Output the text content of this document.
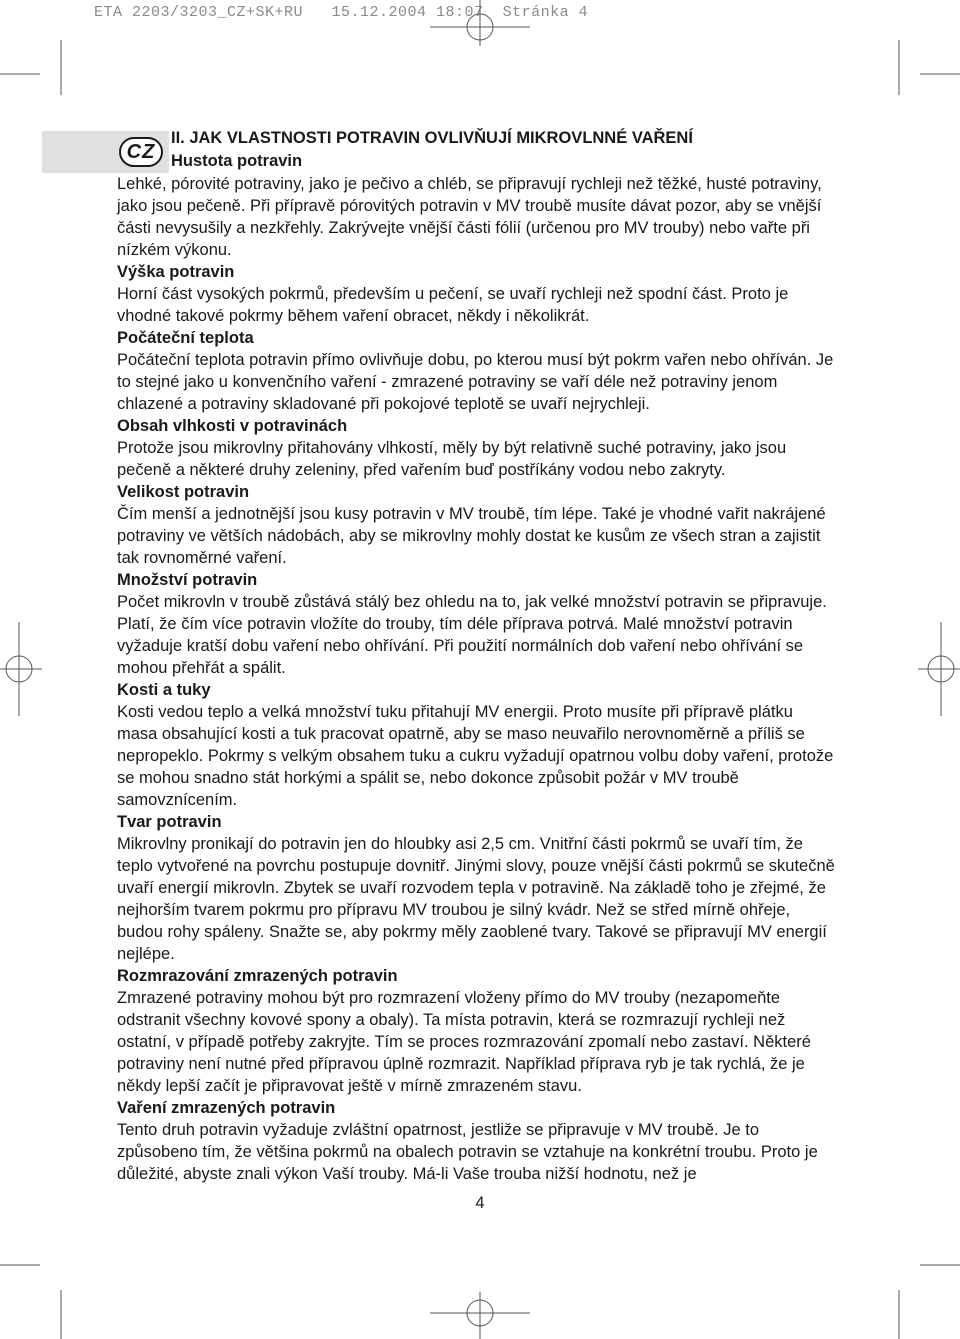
ETA 2203/3203_CZ+SK+RU   15.12.2004 18:07  Stránka 4
CZ
II. JAK VLASTNOSTI POTRAVIN OVLIVŇUJÍ MIKROVLNNÉ VAŘENÍ
Hustota potravin

Lehké, pórovité potraviny, jako je pečivo a chléb, se připravují rychleji než těžké, husté potraviny, jako jsou pečeně. Při přípravě pórovitých potravin v MV troubě musíte dávat pozor, aby se vnější části nevysušily a nezkřehly. Zakrývejte vnější části fólií (určenou pro MV trouby) nebo vařte při nízkém výkonu.

Výška potravin

Horní část vysokých pokrmů, především u pečení, se uvaří rychleji než spodní část. Proto je vhodné takové pokrmy během vaření obracet, někdy i několikrát.

Počáteční teplota

Počáteční teplota potravin přímo ovlivňuje dobu, po kterou musí být pokrm vařen nebo ohříván. Je to stejné jako u konvenčního vaření - zmrazené potraviny se vaří déle než potraviny jenom chlazené a potraviny skladované při pokojové teplotě se uvaří nejrychleji.

Obsah vlhkosti v potravinách

Protože jsou mikrovlny přitahovány vlhkostí, měly by být relativně suché potraviny, jako jsou pečeně a některé druhy zeleniny, před vařením buď postříkány vodou nebo zakryty.

Velikost potravin

Čím menší a jednotnější jsou kusy potravin v MV troubě, tím lépe. Také je vhodné vařit nakrájené potraviny ve větších nádobách, aby se mikrovlny mohly dostat ke kusům ze všech stran a zajistit tak rovnoměrné vaření.

Množství potravin

Počet mikrovln v troubě zůstává stálý bez ohledu na to, jak velké množství potravin se připravuje. Platí, že čím více potravin vložíte do trouby, tím déle příprava potrvá. Malé množství potravin vyžaduje kratší dobu vaření nebo ohřívání. Při použití normálních dob vaření nebo ohřívání se mohou přehřát a spálit.

Kosti a tuky

Kosti vedou teplo a velká množství tuku přitahují MV energii. Proto musíte při přípravě plátku masa obsahující kosti a tuk pracovat opatrně, aby se maso neuvařilo nerovnoměrně a příliš se nepropeklo. Pokrmy s velkým obsahem tuku a cukru vyžadují opatrnou volbu doby vaření, protože se mohou snadno stát horkými a spálit se, nebo dokonce způsobit požár v MV troubě samovznícením.

Tvar potravin

Mikrovlny pronikají do potravin jen do hloubky asi 2,5 cm. Vnitřní části pokrmů se uvaří tím, že teplo vytvořené na povrchu postupuje dovnitř. Jinými slovy, pouze vnější části pokrmů se skutečně uvaří energií mikrovln. Zbytek se uvaří rozvodem tepla v potravině. Na základě toho je zřejmé, že nejhorším tvarem pokrmu pro přípravu MV troubou je silný kvádr. Než se střed mírně ohřeje, budou rohy spáleny. Snažte se, aby pokrmy měly zaoblené tvary. Takové se připravují MV energií nejlépe.

Rozmrazování zmrazených potravin

Zmrazené potraviny mohou být pro rozmrazení vloženy přímo do MV trouby (nezapomeňte odstranit všechny kovové spony a obaly). Ta místa potravin, která se rozmrazují rychleji než ostatní, v případě potřeby zakryjte. Tím se proces rozmrazování zpomalí nebo zastaví. Některé potraviny není nutné před přípravou úplně rozmrazit. Například příprava ryb je tak rychlá, že je někdy lepší začít je připravovat ještě v mírně zmrazeném stavu.

Vaření zmrazených potravin

Tento druh potravin vyžaduje zvláštní opatrnost, jestliže se připravuje v MV troubě. Je to způsobeno tím, že většina pokrmů na obalech potravin se vztahuje na konkrétní troubu. Proto je důležité, abyste znali výkon Vaší trouby. Má-li Vaše trouba nižší hodnotu, než je

4
